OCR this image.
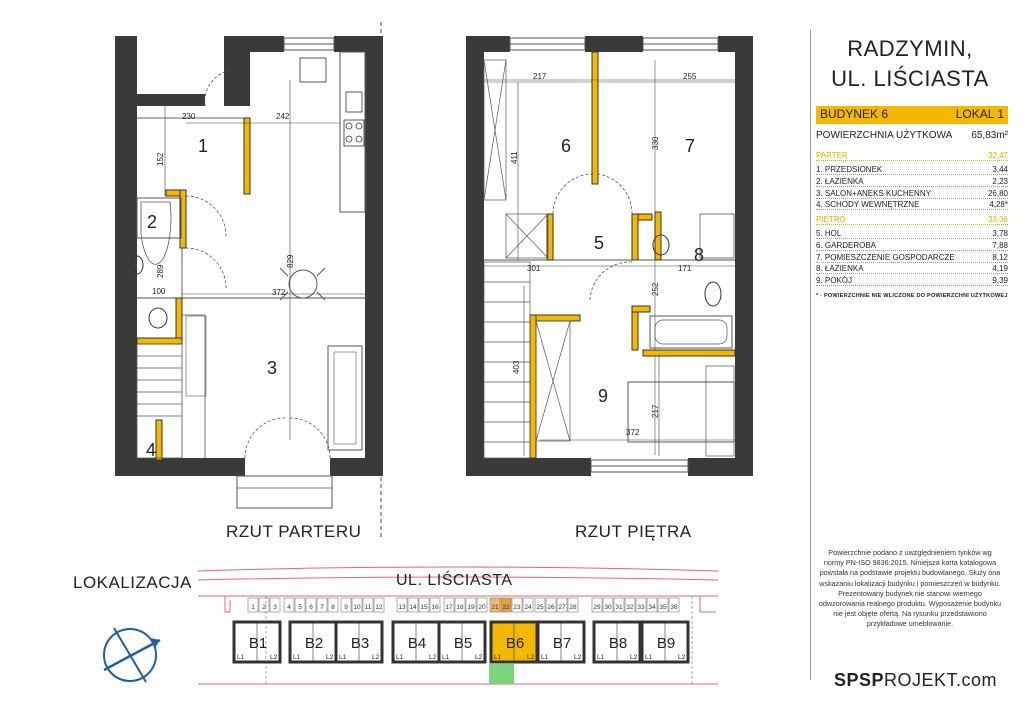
1 2 3 4 5 6 7 8 9 10 11 12 13 14 15 16 17 18 19 20 21 22 23 24 25 26 27 28	29 30 31 32 33 34 35 36
B1
L1	L2
B2
L1	L2
B3
L1	L2
B4
L1	L2
B5
L1	L2
B6
L1	L2
B7
L1	L2
B8
L1	L2
B9
L1	L2
1
2
3
4
5
6	7
8
9
230	242
152
289
100
829
372
217	255
411
330
301	171
252
403
217
372
RZUT PARTERU	RZUT PIĘTRA
LOKALIZACJA	UL. LIŚCIASTA
RADZYMIN,
UL. LIŚCIASTA
BUDYNEK 6	LOKAL 1
POWIERZCHNIA UŻYTKOWA 65,83m²
PARTER	32,47
1. PRZEDSIONEK	3,44
2. ŁAZIENKA	2,23
3. SALON+ANEKS KUCHENNY	26,80
4. SCHODY WEWNĘTRZNE	4,28*
PIĘTRO	33,36
5. HOL	3,78
6. GARDEROBA	7,88
7. POMIESZCZENIE GOSPODARCZE	8,12
8. ŁAZIENKA	4,19
9. POKÓJ	9,39
* - POWIERZCHNIE NIE WLICZONE DO POWIERZCHNI UŻYTKOWEJ
Powierzchnie podano z uwzględnieniem tynków wg
normy PN-ISO 9836:2015. Niniejsza karta katalogowa
powstała na podstawie projektu budowlanego. Służy ona
wskazaniu lokalizacji budynku i pomieszczeń w budynku.
Prezentowany budynek nie stanowi wiernego
odwzorowania realnego produktu. Wyposażenie budynku
nie jest objęte ofertą. Na rysunku przedstawiono
przykładowe umeblowanie.
SPSPROJEKT.com
